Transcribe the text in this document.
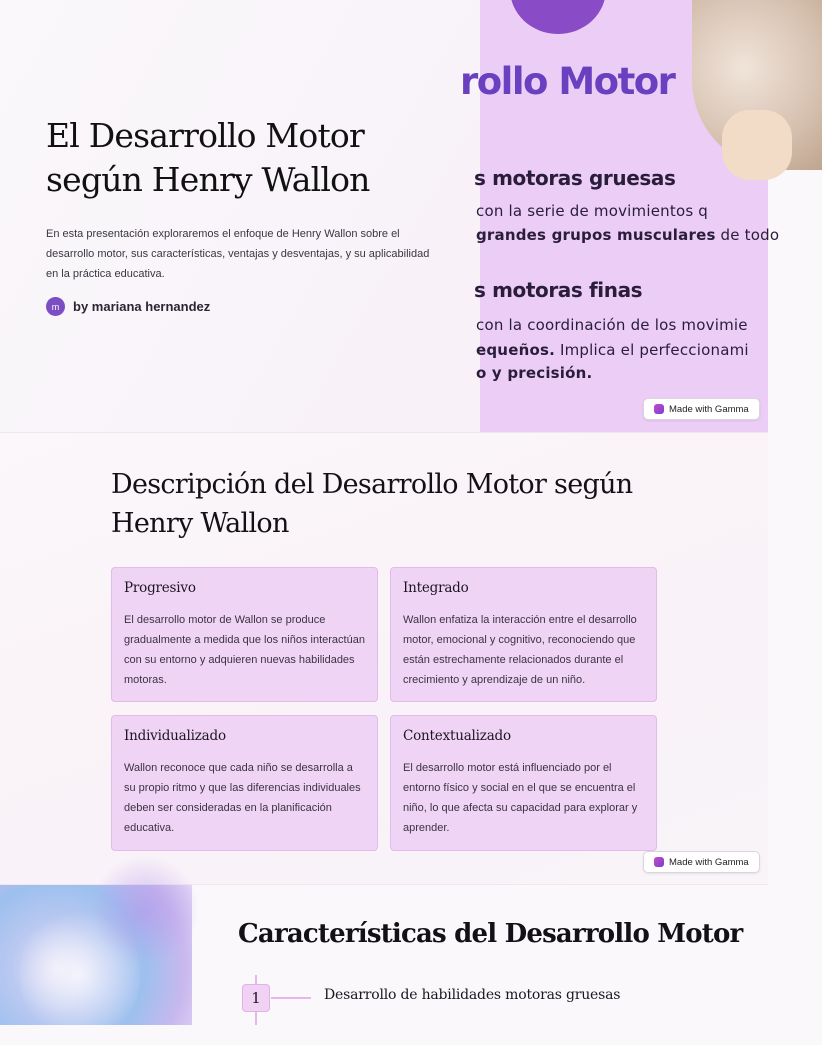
El Desarrollo Motor
según Henry Wallon

En esta presentación exploraremos el enfoque de Henry Wallon sobre el desarrollo motor, sus características, ventajas y desventajas, y su aplicabilidad en la práctica educativa.

m	by mariana hernandez
rollo Motor
s motoras gruesas
con la serie de movimientos q
grandes grupos musculares de todo
s motoras finas
con la coordinación de los movimie
equeños. Implica el perfeccionami
o y precisión.
Made with Gamma
Descripción del Desarrollo Motor según Henry Wallon
Progresivo
El desarrollo motor de Wallon se produce gradualmente a medida que los niños interactúan con su entorno y adquieren nuevas habilidades motoras.
Integrado
Wallon enfatiza la interacción entre el desarrollo motor, emocional y cognitivo, reconociendo que están estrechamente relacionados durante el crecimiento y aprendizaje de un niño.
Individualizado
Wallon reconoce que cada niño se desarrolla a su propio ritmo y que las diferencias individuales deben ser consideradas en la planificación educativa.
Contextualizado
El desarrollo motor está influenciado por el entorno físico y social en el que se encuentra el niño, lo que afecta su capacidad para explorar y aprender.
Made with Gamma
Características del Desarrollo Motor
1	Desarrollo de habilidades motoras gruesas
